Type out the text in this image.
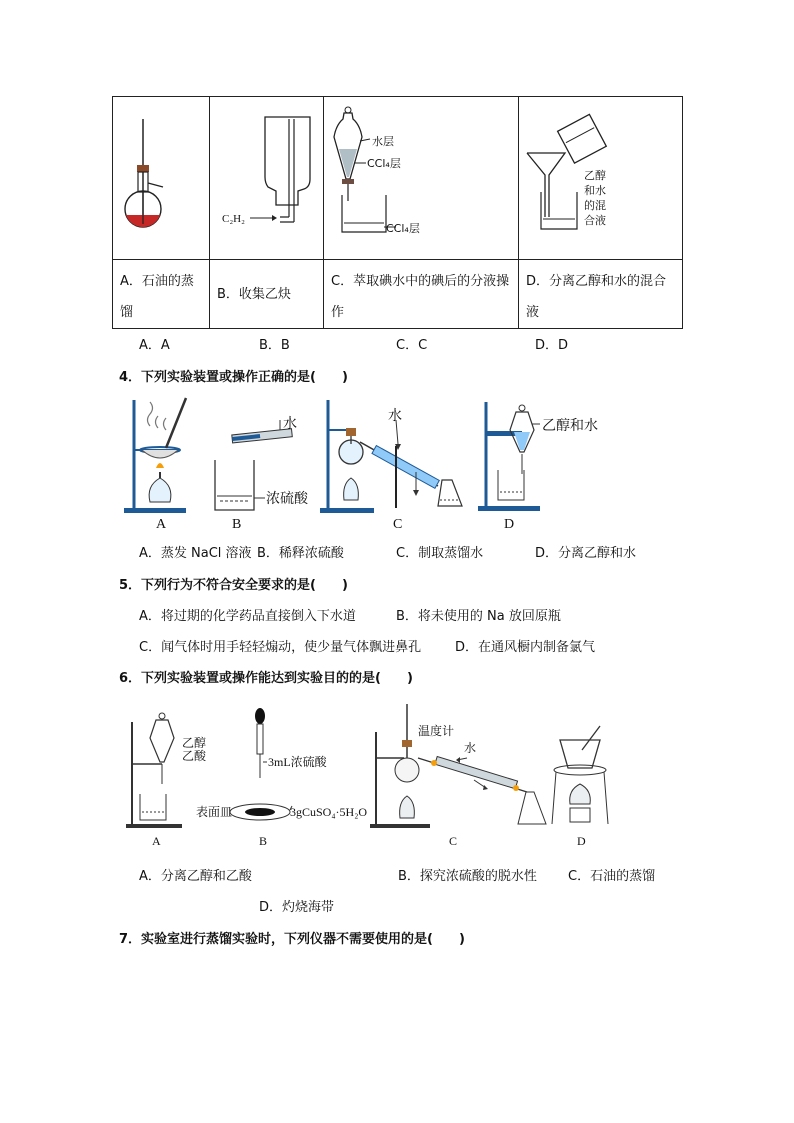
C₂H₂	水层
CCl₄层
CCl₄层	乙醇
和水
的混
合液

A．石油的蒸馏	B．收集乙炔	C．萃取碘水中的碘后的分液操作	D．分离乙醇和水的混合液
A．A	B．B	C．C	D．D
4．下列实验装置或操作正确的是(　　)
A
水
浓硫酸
B
水
C
乙醇和水
D
A．蒸发 NaCl 溶液 B．稀释浓硫酸	C．制取蒸馏水	D．分离乙醇和水
5．下列行为不符合安全要求的是(　　)
A．将过期的化学药品直接倒入下水道	B．将未使用的 Na 放回原瓶
C．闻气体时用手轻轻煽动，使少量气体飘进鼻孔	D．在通风橱内制备氯气
6．下列实验装置或操作能达到实验目的的是(　　)
乙醇
乙酸
A
3mL浓硫酸
3gCuSO₄·5H₂O
表面皿
B
温度计
水
C	D
A．分离乙醇和乙酸	B．探究浓硫酸的脱水性 C．石油的蒸馏
D．灼烧海带
7．实验室进行蒸馏实验时，下列仪器不需要使用的是(　　)
